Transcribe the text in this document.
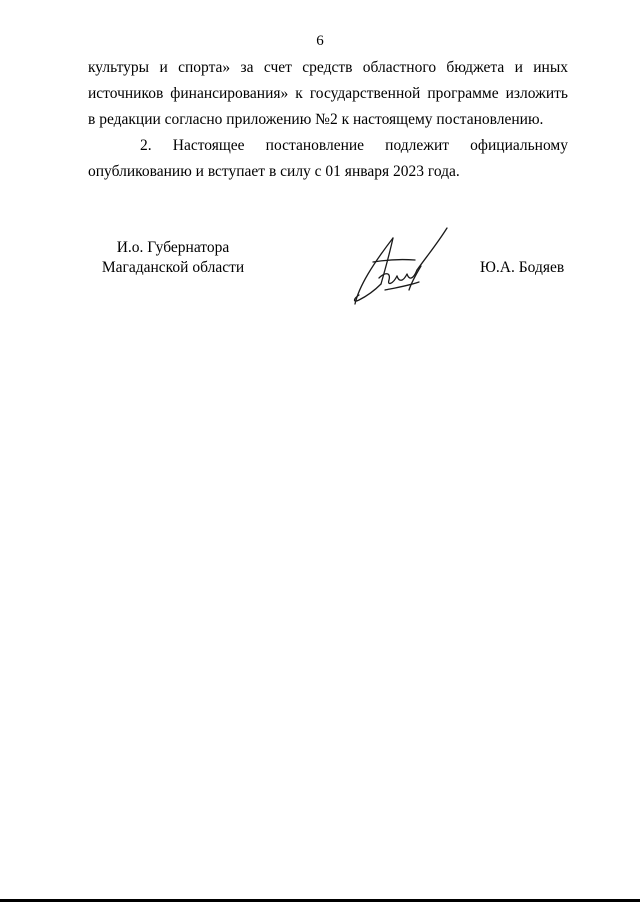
6
культуры и спорта» за счет средств областного бюджета и иных
источников финансирования» к государственной программе изложить
в редакции согласно приложению №2 к настоящему постановлению.
2. Настоящее постановление подлежит официальному
опубликованию и вступает в силу с 01 января 2023 года.
И.о. Губернатора
Магаданской области	Ю.А. Бодяев
